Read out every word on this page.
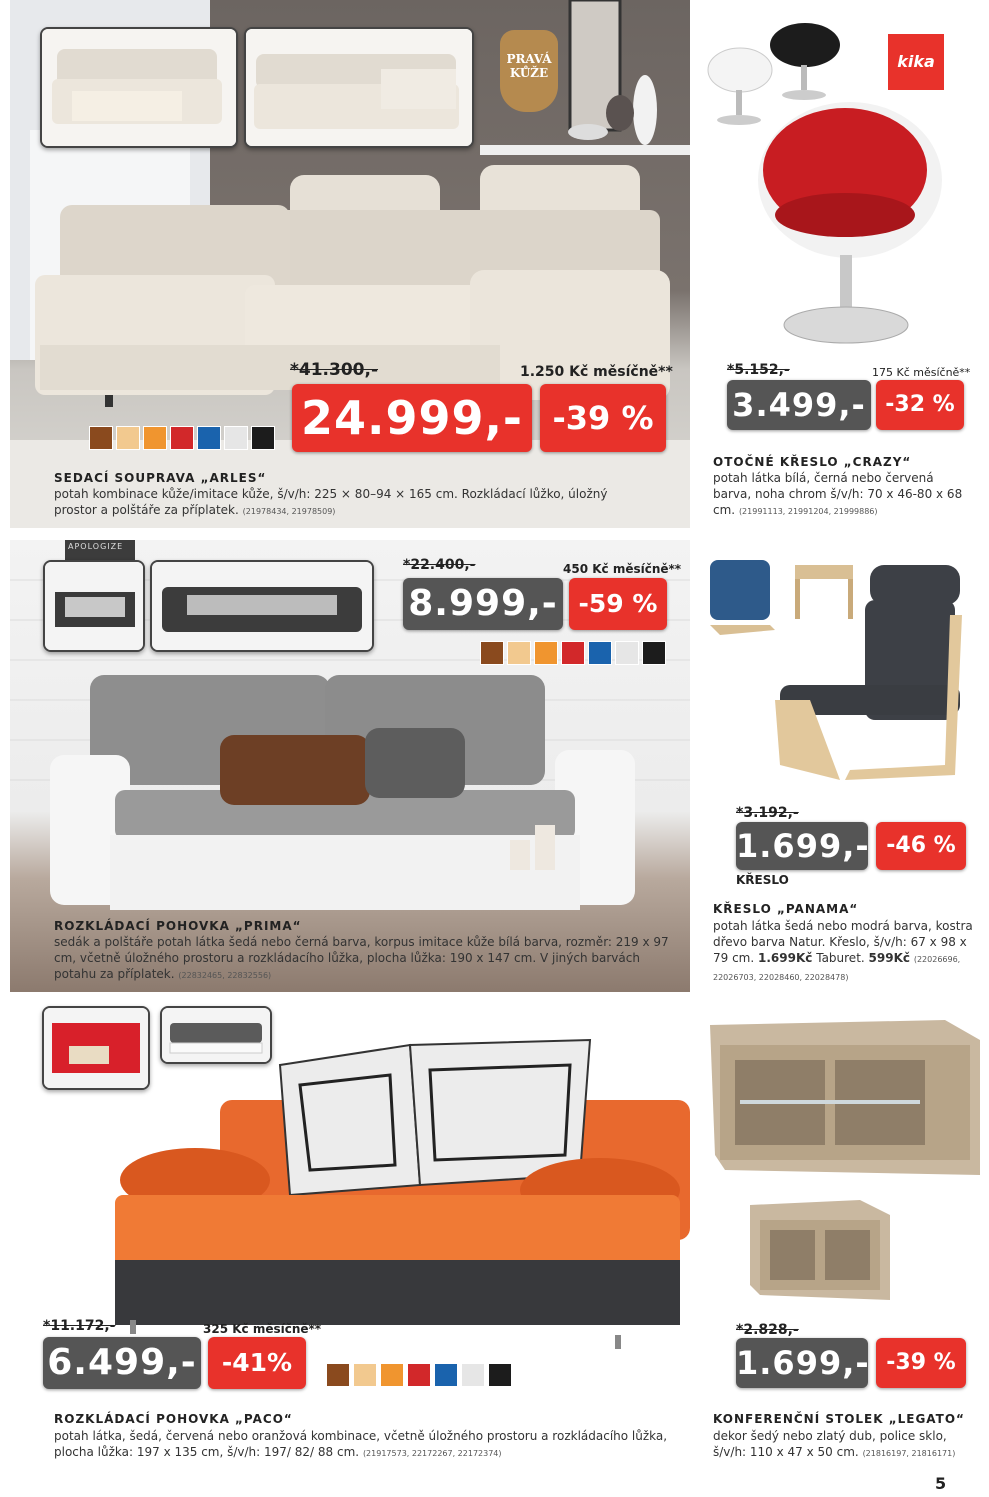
PRAVÁ
KŮŽE
*41.300,-	1.250 Kč měsíčně**
24.999,- -39 %
SEDACÍ SOUPRAVA „ARLES“
potah kombinace kůže/imitace kůže, š/v/h: 225 × 80–94 × 165 cm. Rozkládací lůžko, úložný prostor a polštáře za příplatek. (21978434, 21978509)
kika
*5.152,-	175 Kč měsíčně**
3.499,- -32 %
OTOČNÉ KŘESLO „CRAZY“
potah látka bílá, černá nebo červená barva, noha chrom š/v/h: 70 x 46-80 x 68 cm. (21991113, 21991204, 21999886)
APOLOGIZE
*22.400,-	450 Kč měsíčně**
8.999,- -59 %
ROZKLÁDACÍ POHOVKA „PRIMA“
sedák a polštáře potah látka šedá nebo černá barva, korpus imitace kůže bílá barva, rozměr: 219 x 97 cm, včetně úložného prostoru a rozkládacího lůžka, plocha lůžka: 190 x 147 cm. V jiných barvách potahu za příplatek. (22832465, 22832556)
*3.192,-
1.699,- -46 %
KŘESLO
KŘESLO „PANAMA“
potah látka šedá nebo modrá barva, kostra dřevo barva Natur. Křeslo, š/v/h: 67 x 98 x 79 cm. 1.699Kč Taburet. 599Kč (22026696, 22026703, 22028460, 22028478)
*11.172,-	325 Kč měsíčně**
6.499,-	-41%
ROZKLÁDACÍ POHOVKA „PACO“
potah látka, šedá, červená nebo oranžová kombinace, včetně úložného prostoru a rozkládacího lůžka, plocha lůžka: 197 x 135 cm, š/v/h: 197/ 82/ 88 cm. (21917573, 22172267, 22172374)
*2.828,-
1.699,- -39 %
KONFERENČNÍ STOLEK „LEGATO“
dekor šedý nebo zlatý dub, police sklo, š/v/h: 110 x 47 x 50 cm. (21816197, 21816171)
5
